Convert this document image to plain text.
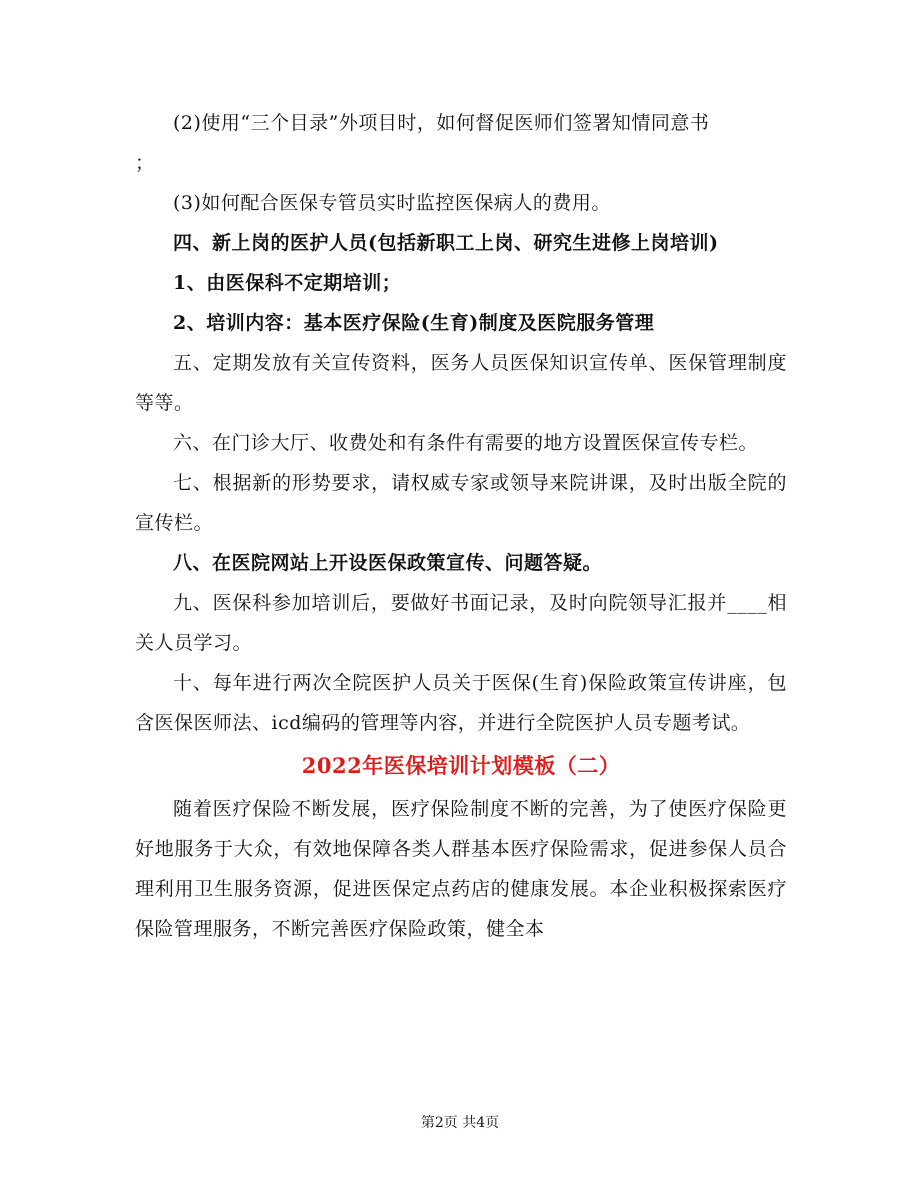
(2)使用“三个目录”外项目时，如何督促医师们签署知情同意书

；

(3)如何配合医保专管员实时监控医保病人的费用。

四、新上岗的医护人员(包括新职工上岗、研究生进修上岗培训)

1、由医保科不定期培训；

2、培训内容：基本医疗保险(生育)制度及医院服务管理

五、定期发放有关宣传资料，医务人员医保知识宣传单、医保管理制度等等。

六、在门诊大厅、收费处和有条件有需要的地方设置医保宣传专栏。

七、根据新的形势要求，请权威专家或领导来院讲课，及时出版全院的宣传栏。

八、在医院网站上开设医保政策宣传、问题答疑。

九、医保科参加培训后，要做好书面记录，及时向院领导汇报并____相关人员学习。

十、每年进行两次全院医护人员关于医保(生育)保险政策宣传讲座，包含医保医师法、icd编码的管理等内容，并进行全院医护人员专题考试。

2022年医保培训计划模板（二）

随着医疗保险不断发展，医疗保险制度不断的完善，为了使医疗保险更好地服务于大众，有效地保障各类人群基本医疗保险需求，促进参保人员合理利用卫生服务资源，促进医保定点药店的健康发展。本企业积极探索医疗保险管理服务，不断完善医疗保险政策，健全本

第2页 共4页
